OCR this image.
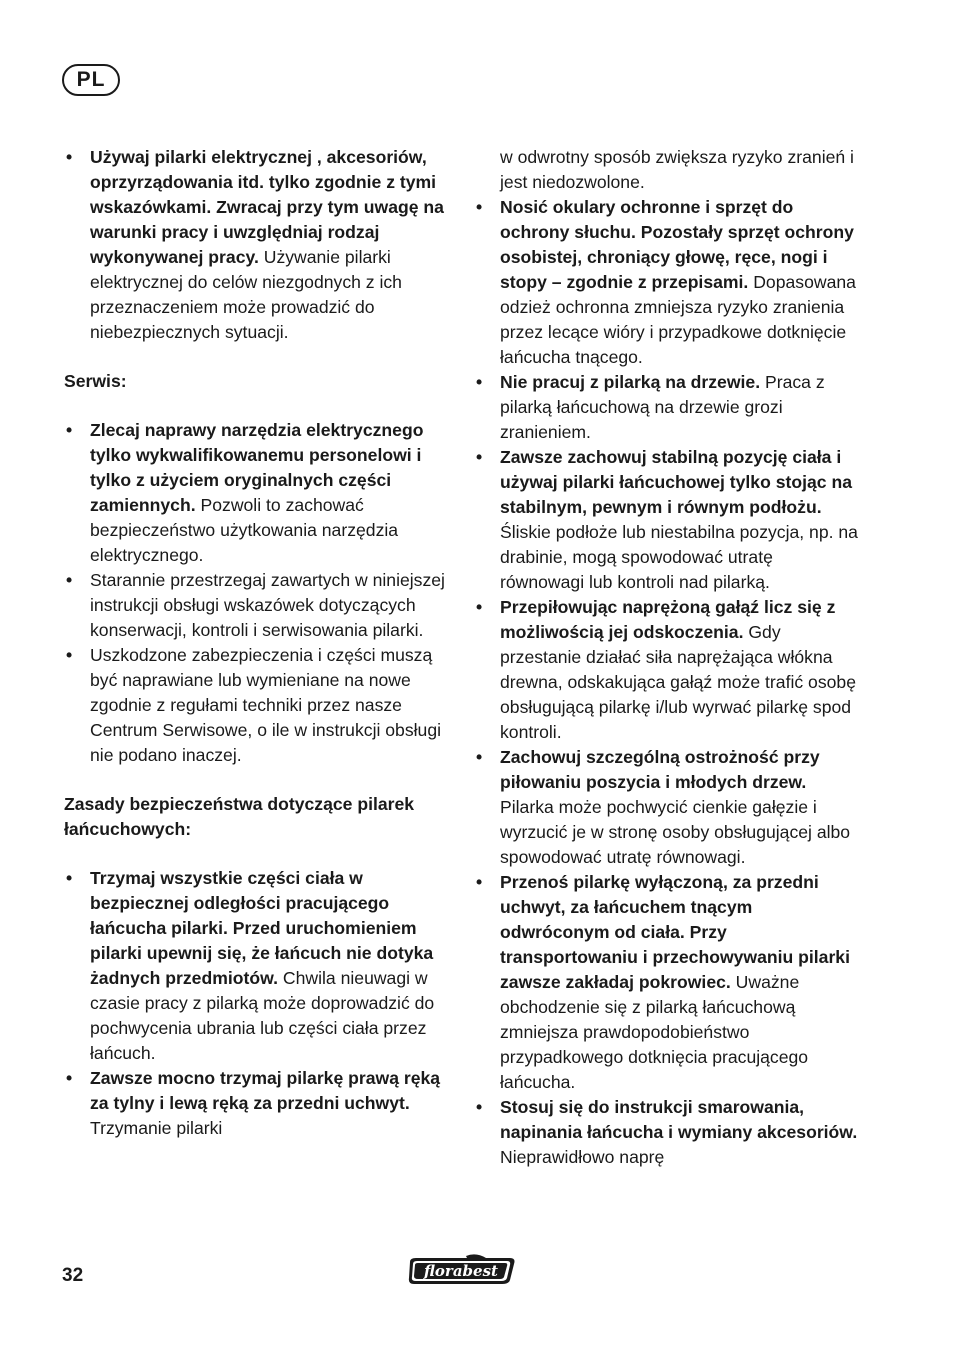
PL
• Używaj pilarki elektrycznej , akcesoriów, oprzyrządowania itd. tylko zgodnie z tymi wskazówkami. Zwracaj przy tym uwagę na warunki pracy i uwzględniaj rodzaj wykonywanej pracy. Używanie pilarki elektrycznej do celów niezgodnych z ich przeznaczeniem może prowadzić do niebezpiecznych sytuacji.
Serwis:
• Zlecaj naprawy narzędzia elektrycznego tylko wykwalifikowanemu personelowi i tylko z użyciem oryginalnych części zamiennych. Pozwoli to zachować bezpieczeństwo użytkowania narzędzia elektrycznego.
• Starannie przestrzegaj zawartych w niniejszej instrukcji obsługi wskazówek dotyczących konserwacji, kontroli i serwisowania pilarki.
• Uszkodzone zabezpieczenia i części muszą być naprawiane lub wymieniane na nowe zgodnie z regułami techniki przez nasze Centrum Serwisowe, o ile w instrukcji obsługi nie podano inaczej.
Zasady bezpieczeństwa dotyczące pilarek łańcuchowych:
• Trzymaj wszystkie części ciała w bezpiecznej odległości pracującego łańcucha pilarki. Przed uruchomieniem pilarki upewnij się, że łańcuch nie dotyka żadnych przedmiotów. Chwila nieuwagi w czasie pracy z pilarką może doprowadzić do pochwycenia ubrania lub części ciała przez łańcuch.
• Zawsze mocno trzymaj pilarkę prawą ręką za tylny i lewą ręką za przedni uchwyt. Trzymanie pilarki
w odwrotny sposób zwiększa ryzyko zranień i jest niedozwolone.
• Nosić okulary ochronne i sprzęt do ochrony słuchu. Pozostały sprzęt ochrony osobistej, chroniący głowę, ręce, nogi i stopy – zgodnie z przepisami. Dopasowana odzież ochronna zmniejsza ryzyko zranienia przez lecące wióry i przypadkowe dotknięcie łańcucha tnącego.
• Nie pracuj z pilarką na drzewie. Praca z pilarką łańcuchową na drzewie grozi zranieniem.
• Zawsze zachowuj stabilną pozycję ciała i używaj pilarki łańcuchowej tylko stojąc na stabilnym, pewnym i równym podłożu. Śliskie podłoże lub niestabilna pozycja, np. na drabinie, mogą spowodować utratę równowagi lub kontroli nad pilarką.
• Przepiłowując naprężoną gałąź licz się z możliwością jej odskoczenia. Gdy przestanie działać siła naprężająca włókna drewna, odskakująca gałąź może trafić osobę obsługującą pilarkę i/lub wyrwać pilarkę spod kontroli.
• Zachowuj szczególną ostrożność przy piłowaniu poszycia i młodych drzew. Pilarka może pochwycić cienkie gałęzie i wyrzucić je w stronę osoby obsługującej albo spowodować utratę równowagi.
• Przenoś pilarkę wyłączoną, za przedni uchwyt, za łańcuchem tnącym odwróconym od ciała. Przy transportowaniu i przechowywaniu pilarki zawsze zakładaj pokrowiec. Uważne obchodzenie się z pilarką łańcuchową zmniejsza prawdopodobieństwo przypadkowego dotknięcia pracującego łańcucha.
• Stosuj się do instrukcji smarowania, napinania łańcucha i wymiany akcesoriów. Nieprawidłowo naprę
32	florabest
